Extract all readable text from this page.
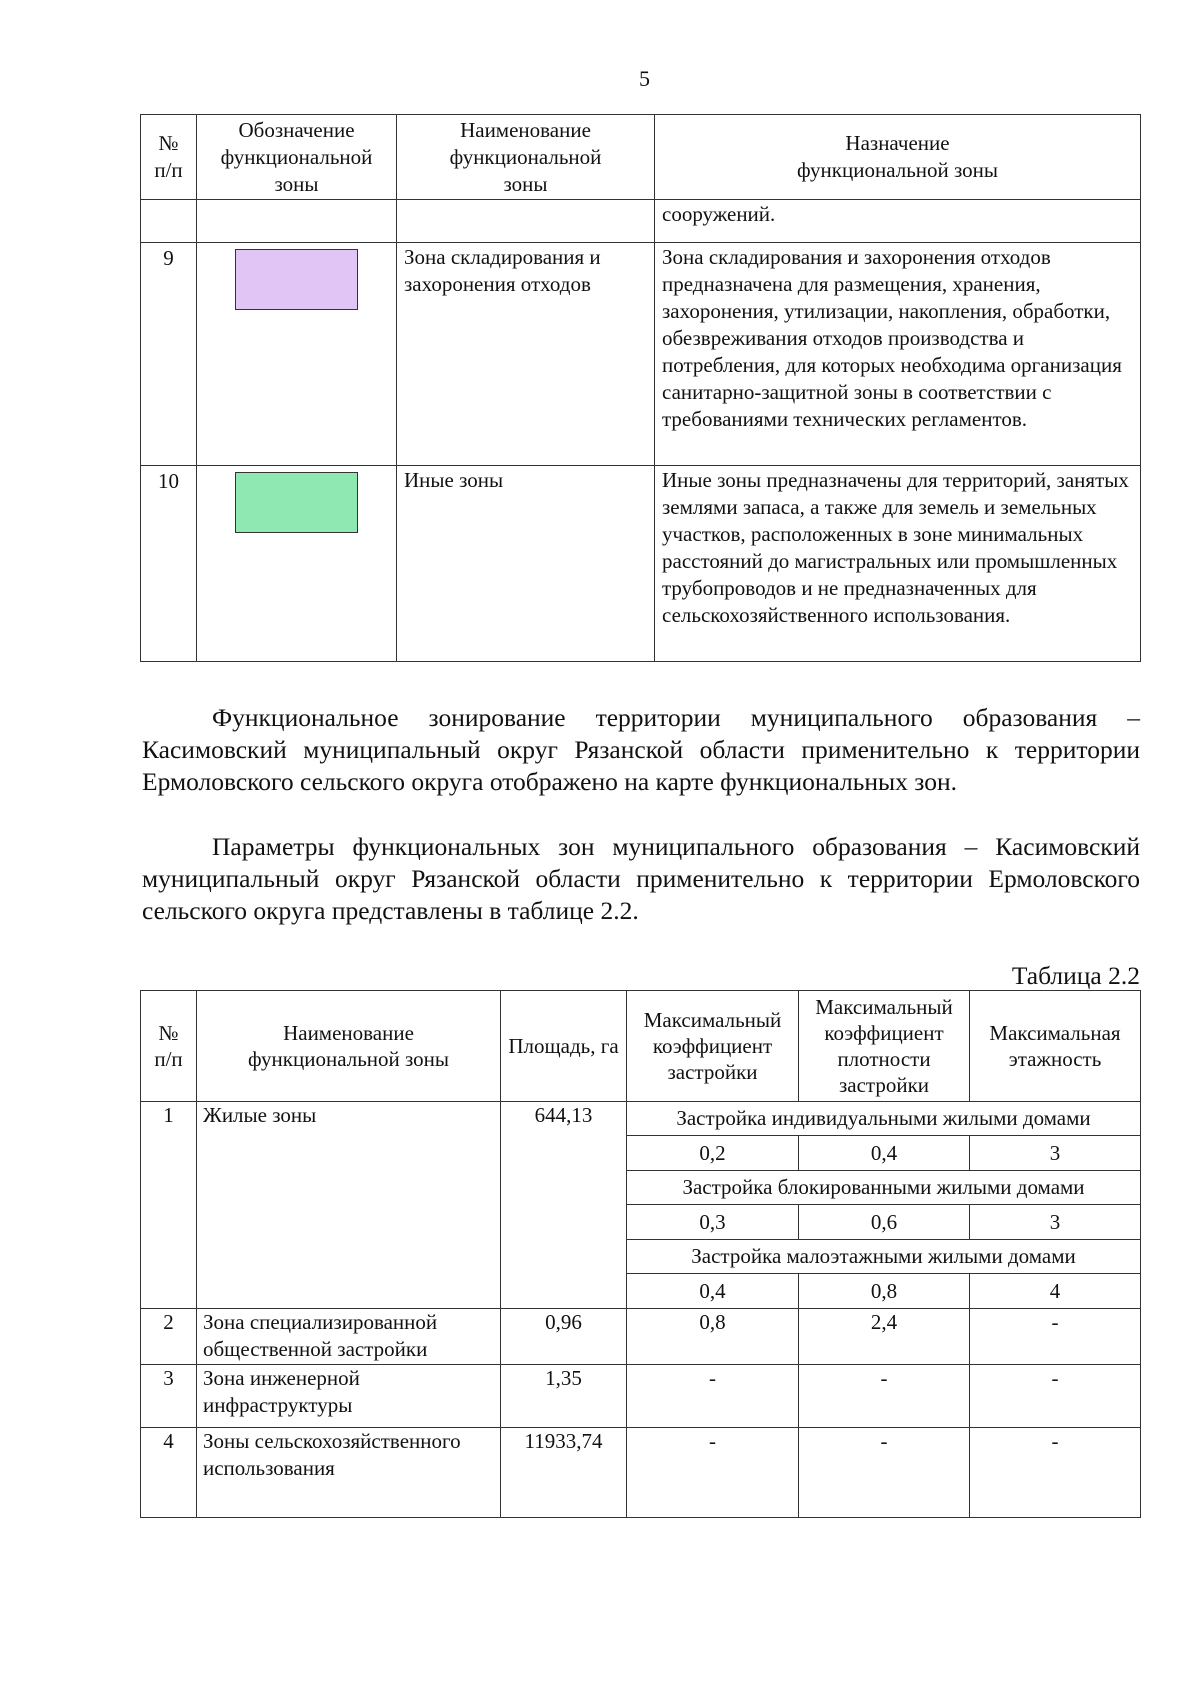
5
№ п/п	Обозначение функциональной зоны	Наименование функциональной зоны	Назначение функциональной зоны
			сооружений.
9		Зона складирования и захоронения отходов	Зона складирования и захоронения отходов предназначена для размещения, хранения, захоронения, утилизации, накопления, обработки, обезвреживания отходов производства и потребления, для которых необходима организация санитарно-защитной зоны в соответствии с требованиями технических регламентов.
10		Иные зоны	Иные зоны предназначены для территорий, занятых землями запаса, а также для земель и земельных участков, расположенных в зоне минимальных расстояний до магистральных или промышленных трубопроводов и не предназначенных для сельскохозяйственного использования.

Функциональное зонирование территории муниципального образования – Касимовский муниципальный округ Рязанской области применительно к территории Ермоловского сельского округа отображено на карте функциональных зон.

Параметры функциональных зон муниципального образования – Касимовский муниципальный округ Рязанской области применительно к территории Ермоловского сельского округа представлены в таблице 2.2.

Таблица 2.2
№ п/п	Наименование функциональной зоны	Площадь, га	Максимальный коэффициент застройки	Максимальный коэффициент плотности застройки	Максимальная этажность
1	Жилые зоны	644,13	Застройка индивидуальными жилыми домами		
			0,2	0,4	3
			Застройка блокированными жилыми домами		
			0,3	0,6	3
			Застройка малоэтажными жилыми домами		
			0,4	0,8	4
2	Зона специализированной общественной застройки	0,96	0,8	2,4	-
3	Зона инженерной инфраструктуры	1,35	-	-	-
4	Зоны сельскохозяйственного использования	11933,74	-	-	-
